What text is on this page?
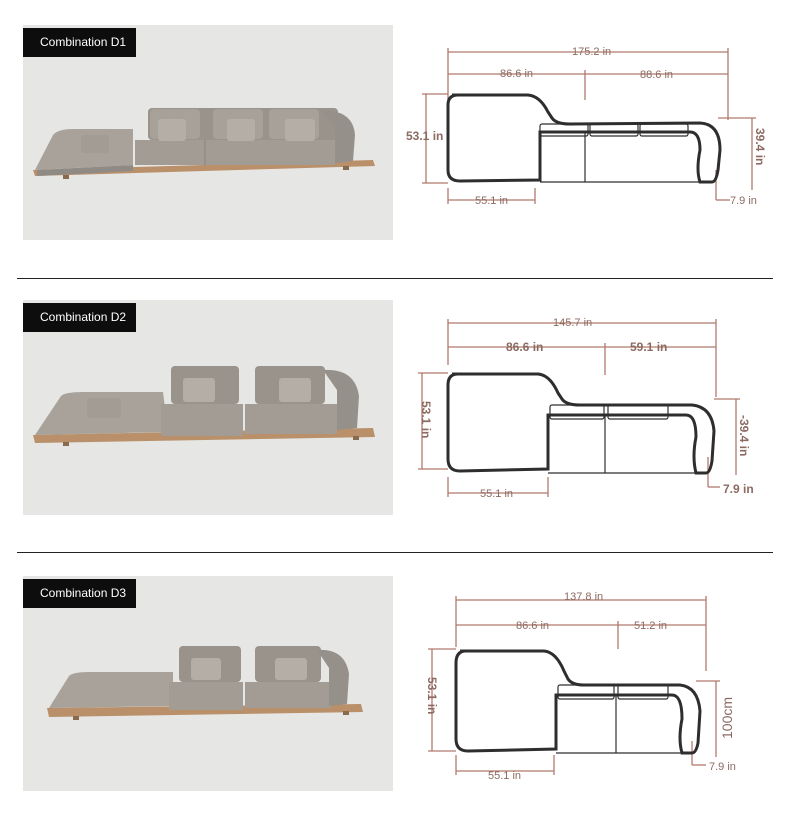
Combination D1
175.2 in
86.6 in	88.6 in
53.1 in
55.1 in
39.4 in
7.9 in
Combination D2	145.7 in
86.6 in	59.1 in
53.1 in
55.1 in
-39.4 in
7.9 in
Combination D3	137.8 in
86.6 in	51.2 in
53.1 in
55.1 in
100cm
7.9 in
